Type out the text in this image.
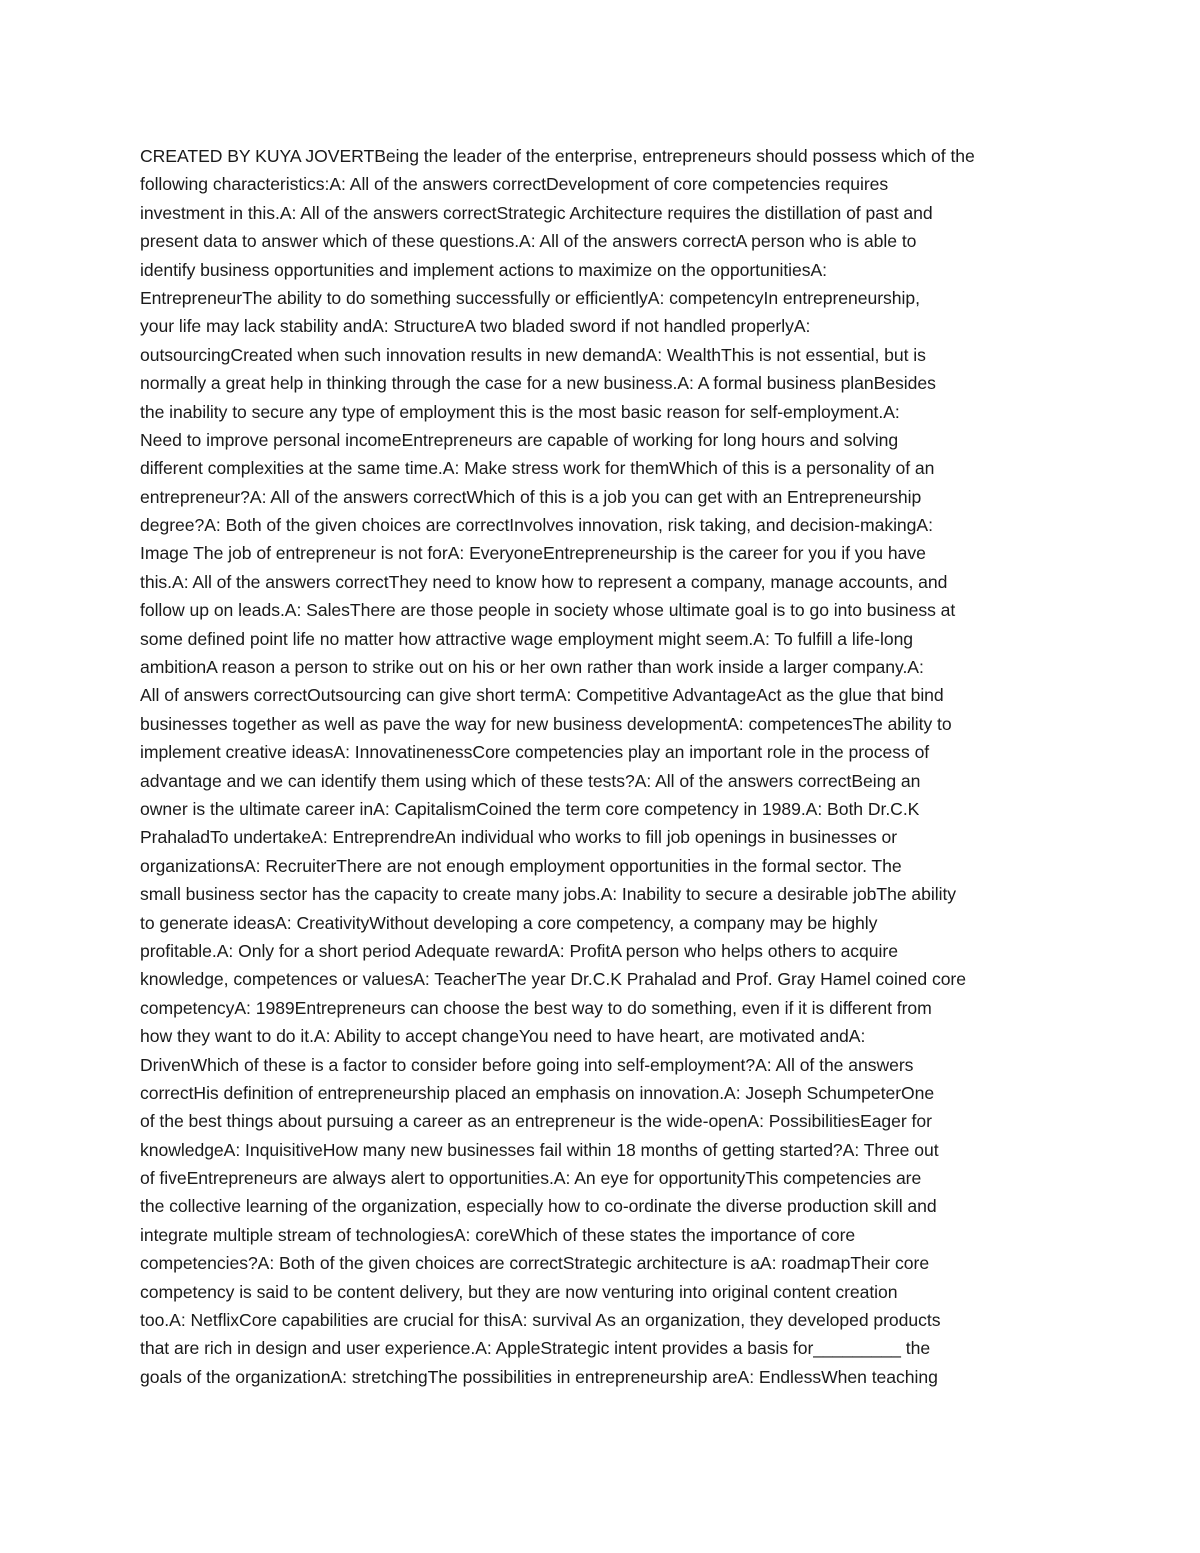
CREATED BY KUYA JOVERTBeing the leader of the enterprise, entrepreneurs should possess which of the
following characteristics:A: All of the answers correctDevelopment of core competencies requires
investment in this.A: All of the answers correctStrategic Architecture requires the distillation of past and
present data to answer which of these questions.A: All of the answers correctA person who is able to
identify business opportunities and implement actions to maximize on the opportunitiesA:
EntrepreneurThe ability to do something successfully or efficientlyA: competencyIn entrepreneurship,
your life may lack stability andA: StructureA two bladed sword if not handled properlyA:
outsourcingCreated when such innovation results in new demandA: WealthThis is not essential, but is
normally a great help in thinking through the case for a new business.A: A formal business planBesides
the inability to secure any type of employment this is the most basic reason for self-employment.A:
Need to improve personal incomeEntrepreneurs are capable of working for long hours and solving
different complexities at the same time.A: Make stress work for themWhich of this is a personality of an
entrepreneur?A: All of the answers correctWhich of this is a job you can get with an Entrepreneurship
degree?A: Both of the given choices are correctInvolves innovation, risk taking, and decision-makingA:
Image The job of entrepreneur is not forA: EveryoneEntrepreneurship is the career for you if you have
this.A: All of the answers correctThey need to know how to represent a company, manage accounts, and
follow up on leads.A: SalesThere are those people in society whose ultimate goal is to go into business at
some defined point life no matter how attractive wage employment might seem.A: To fulfill a life-long
ambitionA reason a person to strike out on his or her own rather than work inside a larger company.A:
All of answers correctOutsourcing can give short termA: Competitive AdvantageAct as the glue that bind
businesses together as well as pave the way for new business developmentA: competencesThe ability to
implement creative ideasA: InnovatinenessCore competencies play an important role in the process of
advantage and we can identify them using which of these tests?A: All of the answers correctBeing an
owner is the ultimate career inA: CapitalismCoined the term core competency in 1989.A: Both Dr.C.K
PrahaladTo undertakeA: EntreprendreAn individual who works to fill job openings in businesses or
organizationsA: RecruiterThere are not enough employment opportunities in the formal sector. The
small business sector has the capacity to create many jobs.A: Inability to secure a desirable jobThe ability
to generate ideasA: CreativityWithout developing a core competency, a company may be highly
profitable.A: Only for a short period Adequate rewardA: ProfitA person who helps others to acquire
knowledge, competences or valuesA: TeacherThe year Dr.C.K Prahalad and Prof. Gray Hamel coined core
competencyA: 1989Entrepreneurs can choose the best way to do something, even if it is different from
how they want to do it.A: Ability to accept changeYou need to have heart, are motivated andA:
DrivenWhich of these is a factor to consider before going into self-employment?A: All of the answers
correctHis definition of entrepreneurship placed an emphasis on innovation.A: Joseph SchumpeterOne
of the best things about pursuing a career as an entrepreneur is the wide-openA: PossibilitiesEager for
knowledgeA: InquisitiveHow many new businesses fail within 18 months of getting started?A: Three out
of fiveEntrepreneurs are always alert to opportunities.A: An eye for opportunityThis competencies are
the collective learning of the organization, especially how to co-ordinate the diverse production skill and
integrate multiple stream of technologiesA: coreWhich of these states the importance of core
competencies?A: Both of the given choices are correctStrategic architecture is aA: roadmapTheir core
competency is said to be content delivery, but they are now venturing into original content creation
too.A: NetflixCore capabilities are crucial for thisA: survival As an organization, they developed products
that are rich in design and user experience.A: AppleStrategic intent provides a basis for_________ the
goals of the organizationA: stretchingThe possibilities in entrepreneurship areA: EndlessWhen teaching
